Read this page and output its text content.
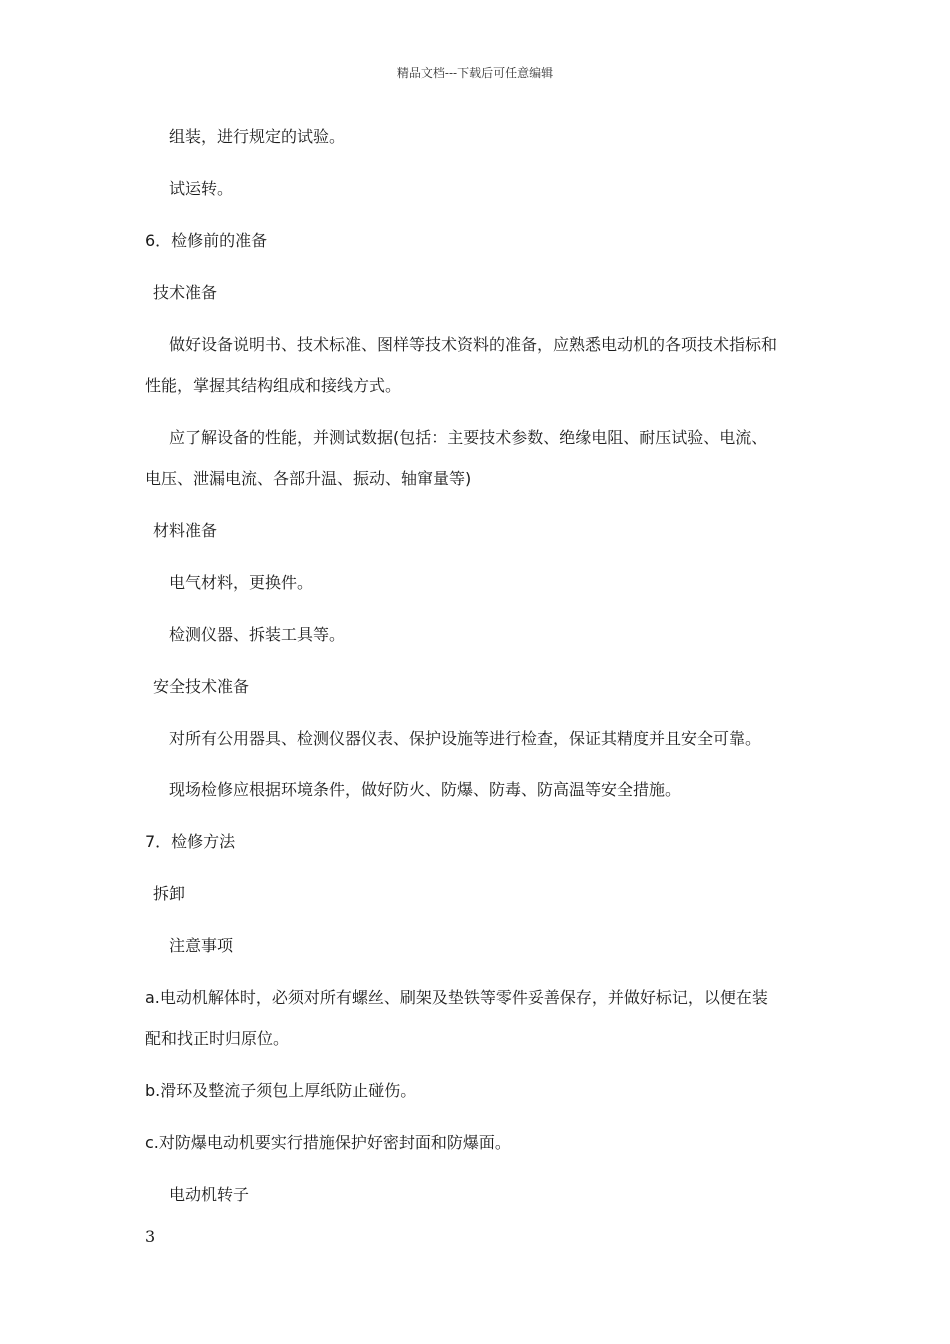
精品文档---下载后可任意编辑
组装，进行规定的试验。
试运转。
6．检修前的准备
技术准备
做好设备说明书、技术标准、图样等技术资料的准备，应熟悉电动机的各项技术指标和
性能，掌握其结构组成和接线方式。
应了解设备的性能，并测试数据(包括：主要技术参数、绝缘电阻、耐压试验、电流、
电压、泄漏电流、各部升温、振动、轴窜量等)
材料准备
电气材料，更换件。
检测仪器、拆装工具等。
安全技术准备
对所有公用器具、检测仪器仪表、保护设施等进行检查，保证其精度并且安全可靠。
现场检修应根据环境条件，做好防火、防爆、防毒、防高温等安全措施。
7．检修方法
拆卸
注意事项
a.电动机解体时，必须对所有螺丝、刷架及垫铁等零件妥善保存，并做好标记，以便在装
配和找正时归原位。
b.滑环及整流子须包上厚纸防止碰伤。
c.对防爆电动机要实行措施保护好密封面和防爆面。
电动机转子
3
